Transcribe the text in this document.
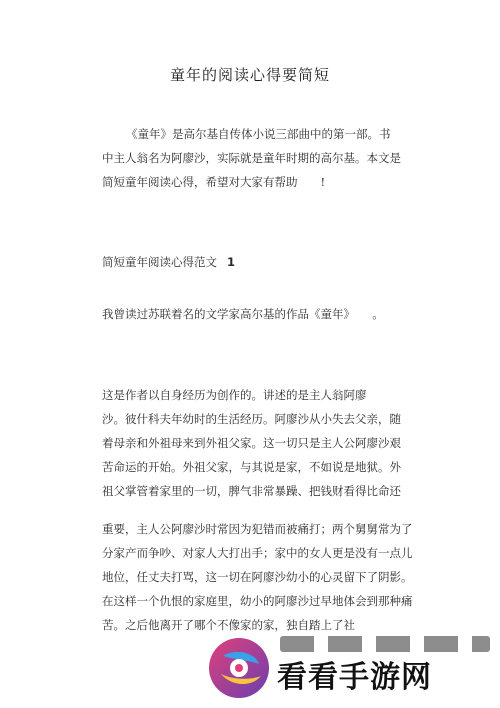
童年的阅读心得要简短
《童年》是高尔基自传体小说三部曲中的第一部。书
中主人翁名为阿廖沙，实际就是童年时期的高尔基。本文是
简短童年阅读心得，希望对大家有帮助　　!
简短童年阅读心得范文 1
我曾读过苏联着名的文学家高尔基的作品《童年》　　。
这是作者以自身经历为创作的。讲述的是主人翁阿廖
沙。彼什科夫年幼时的生活经历。阿廖沙从小失去父亲，随
着母亲和外祖母来到外祖父家。这一切只是主人公阿廖沙艰
苦命运的开始。外祖父家，与其说是家，不如说是地狱。外
祖父掌管着家里的一切，脾气非常暴躁、把钱财看得比命还
重要，主人公阿廖沙时常因为犯错而被痛打；两个舅舅常为了
分家产而争吵、对家人大打出手；家中的女人更是没有一点儿
地位，任丈夫打骂，这一切在阿廖沙幼小的心灵留下了阴影。
在这样一个仇恨的家庭里，幼小的阿廖沙过早地体会到那种痛
苦。之后他离开了哪个不像家的家，独自踏上了社
看看手游网
